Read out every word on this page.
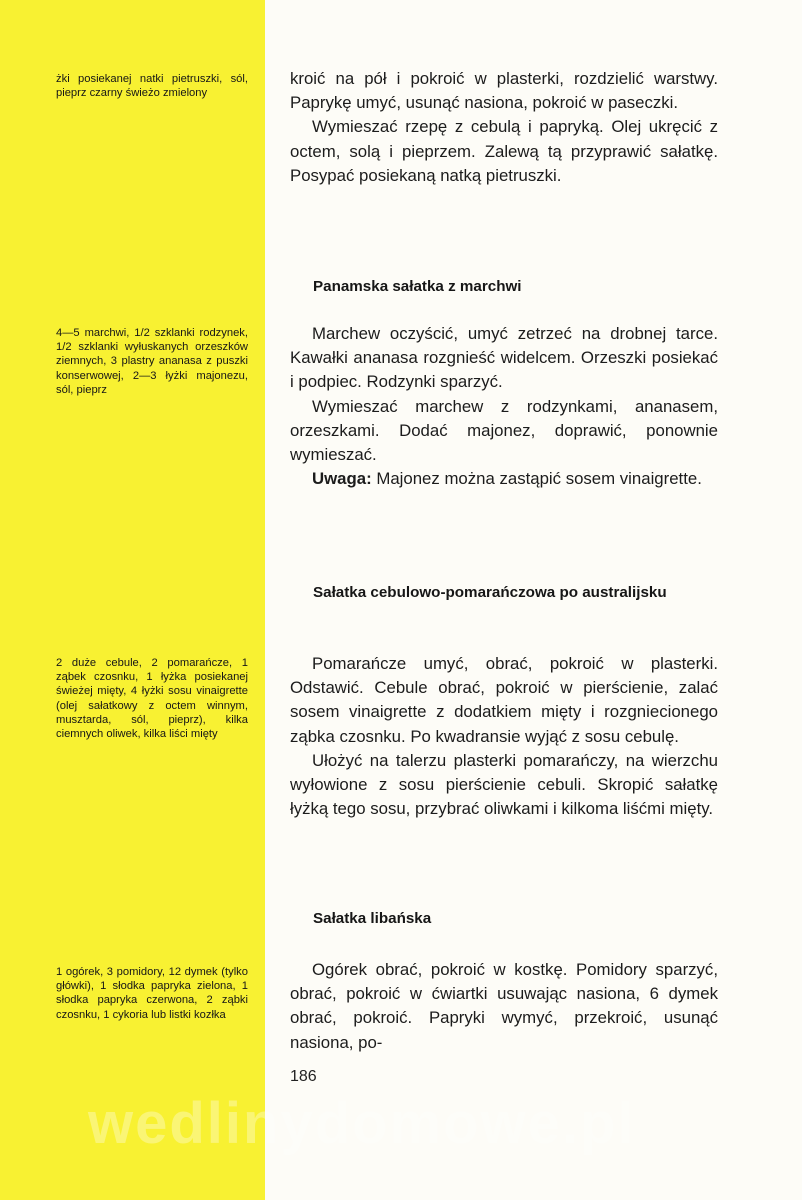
żki posiekanej natki pietruszki, sól, pieprz czarny świeżo zmielony
4—5 marchwi, 1/2 szklanki rodzynek, 1/2 szklanki wyłuskanych orzeszków ziemnych, 3 plastry ananasa z puszki konserwowej, 2—3 łyżki majonezu, sól, pieprz
2 duże cebule, 2 pomarańcze, 1 ząbek czosnku, 1 łyżka posiekanej świeżej mięty, 4 łyżki sosu vinaigrette (olej sałatkowy z octem winnym, musztarda, sól, pieprz), kilka ciemnych oliwek, kilka liści mięty
1 ogórek, 3 pomidory, 12 dymek (tylko główki), 1 słodka papryka zielona, 1 słodka papryka czerwona, 2 ząbki czosnku, 1 cykoria lub listki kozłka

kroić na pół i pokroić w plasterki, rozdzielić warstwy. Paprykę umyć, usunąć nasiona, pokroić w paseczki.

Wymieszać rzepę z cebulą i papryką. Olej ukręcić z octem, solą i pieprzem. Zalewą tą przyprawić sałatkę. Posypać posiekaną natką pietruszki.

Panamska sałatka z marchwi

Marchew oczyścić, umyć zetrzeć na drobnej tarce. Kawałki ananasa rozgnieść widelcem. Orzeszki posiekać i podpiec. Rodzynki sparzyć.

Wymieszać marchew z rodzynkami, ananasem, orzeszkami. Dodać majonez, doprawić, ponownie wymieszać.

Uwaga: Majonez można zastąpić sosem vinaigrette.

Sałatka cebulowo-pomarańczowa po australijsku

Pomarańcze umyć, obrać, pokroić w plasterki. Odstawić. Cebule obrać, pokroić w pierścienie, zalać sosem vinaigrette z dodatkiem mięty i rozgniecionego ząbka czosnku. Po kwadransie wyjąć z sosu cebulę.

Ułożyć na talerzu plasterki pomarańczy, na wierzchu wyłowione z sosu pierścienie cebuli. Skropić sałatkę łyżką tego sosu, przybrać oliwkami i kilkoma liśćmi mięty.

Sałatka libańska

Ogórek obrać, pokroić w kostkę. Pomidory sparzyć, obrać, pokroić w ćwiartki usuwając nasiona, 6 dymek obrać, pokroić. Papryki wymyć, przekroić, usunąć nasiona, po-

186
wedlinydomowe.pl
